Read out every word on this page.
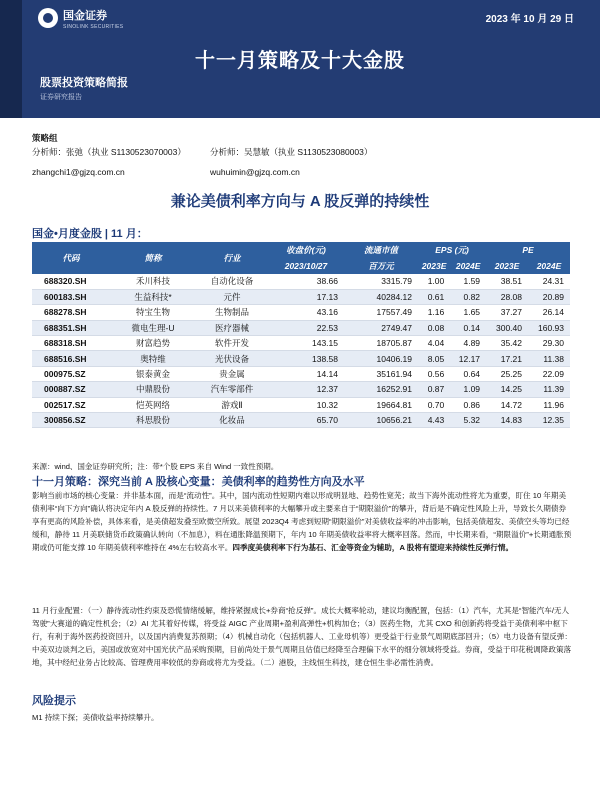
国金证券
SINOLINK SECURITIES
2023 年 10 月 29 日
十一月策略及十大金股
股票投资策略简报
证券研究报告
策略组
分析师：张弛（执业 S1130523070003）	分析师：吴慧敏（执业 S1130523080003）
zhangchi1@gjzq.com.cn	wuhuimin@gjzq.com.cn
兼论美债利率方向与 A 股反弹的持续性
国金•月度金股 | 11 月：
代码	简称	行业	收盘价(元)	流通市值	EPS (元)		PE	
			2023/10/27	百万元	2023E	2024E	2023E	2024E
688320.SH	禾川科技	自动化设备	38.66	3315.79	1.00	1.59	38.51	24.31
600183.SH	生益科技*	元件	17.13	40284.12	0.61	0.82	28.08	20.89
688278.SH	特宝生物	生物制品	43.16	17557.49	1.16	1.65	37.27	26.14
688351.SH	微电生理-U	医疗器械	22.53	2749.47	0.08	0.14	300.40	160.93
688318.SH	财富趋势	软件开发	143.15	18705.87	4.04	4.89	35.42	29.30
688516.SH	奥特维	光伏设备	138.58	10406.19	8.05	12.17	17.21	11.38
000975.SZ	银泰黄金	贵金属	14.14	35161.94	0.56	0.64	25.25	22.09
000887.SZ	中鼎股份	汽车零部件	12.37	16252.91	0.87	1.09	14.25	11.39
002517.SZ	恺英网络	游戏Ⅱ	10.32	19664.81	0.70	0.86	14.72	11.96
300856.SZ	科思股份	化妆品	65.70	10656.21	4.43	5.32	14.83	12.35
来源：wind、国金证券研究所；注：带*个股 EPS 来自 Wind 一致性预期。
十一月策略：深究当前 A 股核心变量：美债利率的趋势性方向及水平
影响当前市场的核心变量：并非基本面，而是“流动性”。其中，国内流动性短期内难以形成明显地、趋势性宽芜；故当下海外流动性将尤为重要，盯住 10 年期美债利率“向下方向”确认将决定年内 A 股反弹的持续性。7 月以来美债利率的大幅攀升或主要来自于“期限溢价”的攀升，背后是不确定性风险上升，导致长久期债券享有更高的风险补偿，具体来看，是美债超发叠至欧微空所致。展望 2023Q4 考虑到短期“期限溢价”对美债收益率的冲击影响，包括美债超发、美债空头等均已经缓和，静待 11 月美联储货币政策确认转向（不加息），料在通胀降温预期下，年内 10 年期美债收益率将大概率回落。然而，中长期来看，“期限溢价”+长期通胀预期或仍可能支撑 10 年期美债利率维持在 4%左右较高水平。四季度美债利率下行为基石、汇金等资金为辅助，A 股将有望迎来持续性反弹行情。
11 月行业配置：（一）静待流动性约束及恐慌情绪缓解，维持紧握成长+券商“抢反弹”。成长大概率轮动，建议均衡配置，包括：（1）汽车，尤其是“智能汽车/无人驾驶”大赛道的确定性机会；（2）AI 尤其着好传媒，将受益 AIGC 产业周期+盈利高弹性+机构加仓；（3）医药生物，尤其 CXO 和创新药将受益于美债利率中枢下行，有利于海外医药投资回升，以及国内消费复苏预期；（4）机械自动化（包括机器人、工业母机等）更受益于行业景气周期底部回升；（5）电力设备有望反弹：中美双边谈判之后，美国或放宽对中国光伏产品采购预期，目前尚处于景气周期且估值已经降至合理偏下水平的细分领域将受益。券商，受益于印花税调降政策落地，其中经纪业务占比较高、管理费用率较低的券商或将尤为受益。（二）港股，主线恒生科技，建仓恒生非必需性消费。
风险提示
M1 持续下探；美债收益率持续攀升。
